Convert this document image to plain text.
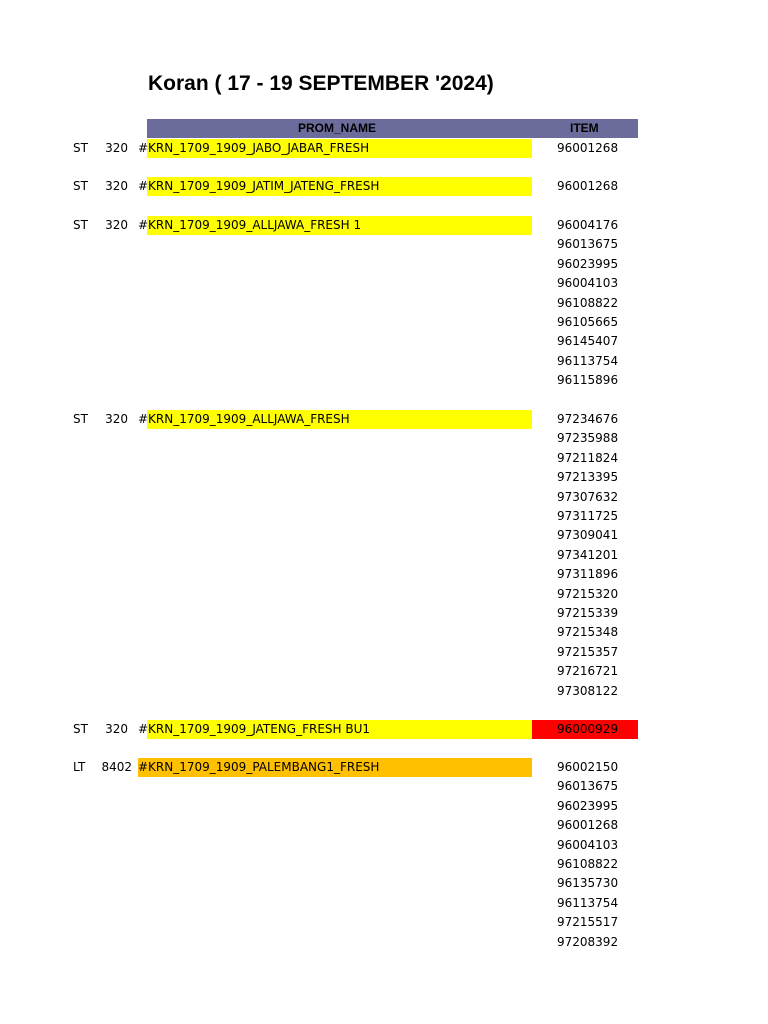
Koran ( 17 - 19 SEPTEMBER '2024)
PROM_NAME	ITEM
ST	320 #KRN_1709_1909_JABO_JABAR_FRESH	96001268
ST	320 #KRN_1709_1909_JATIM_JATENG_FRESH	96001268
ST	320 #KRN_1709_1909_ALLJAWA_FRESH 1	96004176
96013675
96023995
96004103
96108822
96105665
96145407
96113754
96115896
ST	320 #KRN_1709_1909_ALLJAWA_FRESH	97234676
97235988
97211824
97213395
97307632
97311725
97309041
97341201
97311896
97215320
97215339
97215348
97215357
97216721
97308122
ST	320 #KRN_1709_1909_JATENG_FRESH BU1	96000929
LT	8402 #KRN_1709_1909_PALEMBANG1_FRESH	96002150
96013675
96023995
96001268
96004103
96108822
96135730
96113754
97215517
97208392
